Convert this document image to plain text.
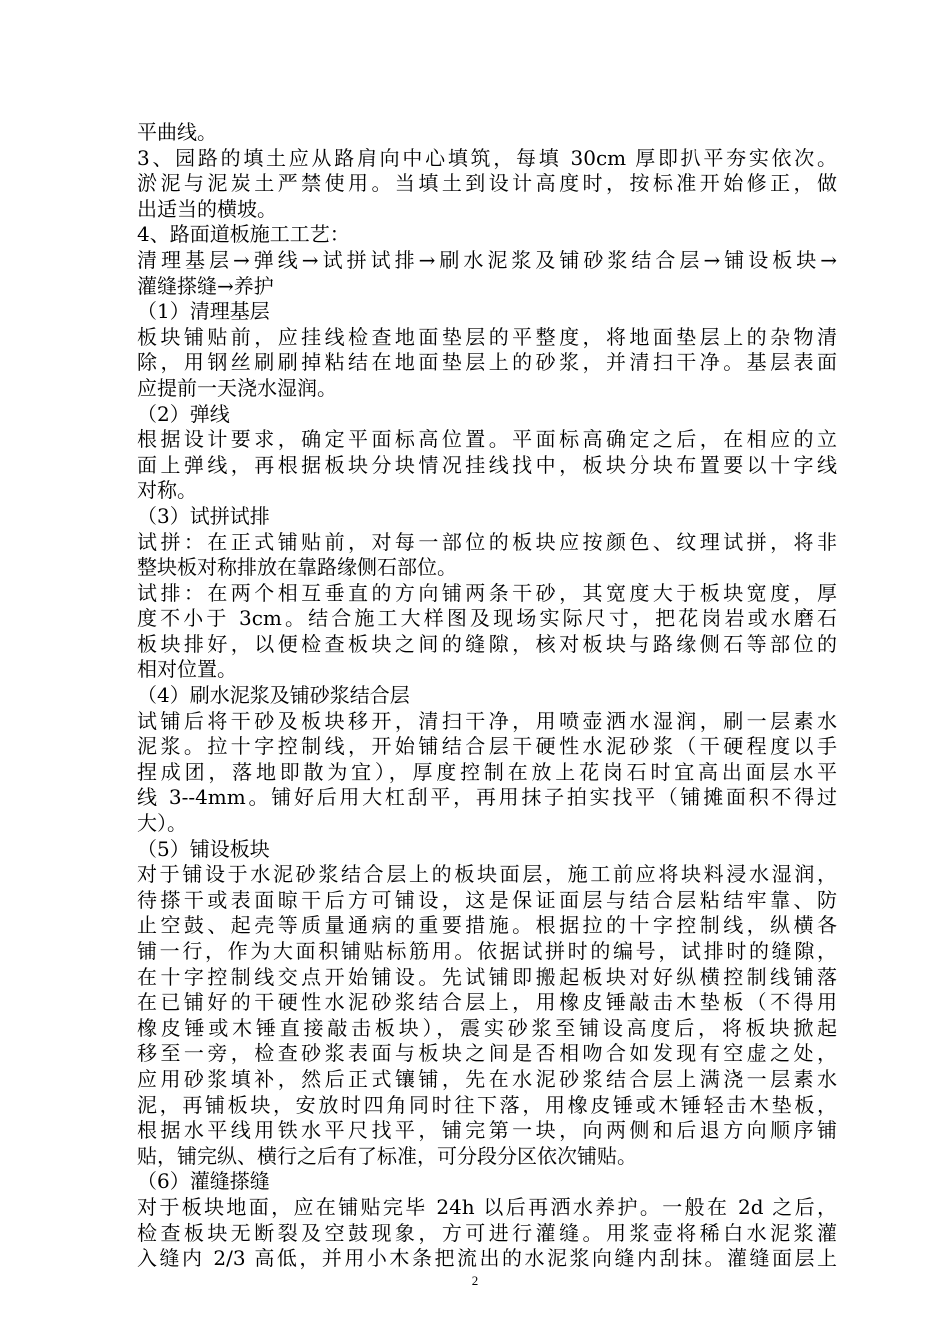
平曲线。
3、园路的填土应从路肩向中心填筑，每填 30cm 厚即扒平夯实依次。
淤泥与泥炭土严禁使用。当填土到设计高度时，按标准开始修正，做
出适当的横坡。
4、路面道板施工工艺：
清理基层→弹线→试拼试排→刷水泥浆及铺砂浆结合层→铺设板块→
灌缝搽缝→养护
（1）清理基层
板块铺贴前，应挂线检查地面垫层的平整度，将地面垫层上的杂物清
除，用钢丝刷刷掉粘结在地面垫层上的砂浆，并清扫干净。基层表面
应提前一天浇水湿润。
（2）弹线
根据设计要求，确定平面标高位置。平面标高确定之后，在相应的立
面上弹线，再根据板块分块情况挂线找中，板块分块布置要以十字线
对称。
（3）试拼试排
试拼：在正式铺贴前，对每一部位的板块应按颜色、纹理试拼，将非
整块板对称排放在靠路缘侧石部位。
试排：在两个相互垂直的方向铺两条干砂，其宽度大于板块宽度，厚
度不小于 3cm。结合施工大样图及现场实际尺寸，把花岗岩或水磨石
板块排好，以便检查板块之间的缝隙，核对板块与路缘侧石等部位的
相对位置。
（4）刷水泥浆及铺砂浆结合层
试铺后将干砂及板块移开，清扫干净，用喷壶洒水湿润，刷一层素水
泥浆。拉十字控制线，开始铺结合层干硬性水泥砂浆（干硬程度以手
捏成团，落地即散为宜），厚度控制在放上花岗石时宜高出面层水平
线 3--4mm。铺好后用大杠刮平，再用抹子拍实找平（铺摊面积不得过
大）。
（5）铺设板块
对于铺设于水泥砂浆结合层上的板块面层，施工前应将块料浸水湿润，
待搽干或表面晾干后方可铺设，这是保证面层与结合层粘结牢靠、防
止空鼓、起壳等质量通病的重要措施。根据拉的十字控制线，纵横各
铺一行，作为大面积铺贴标筋用。依据试拼时的编号，试排时的缝隙，
在十字控制线交点开始铺设。先试铺即搬起板块对好纵横控制线铺落
在已铺好的干硬性水泥砂浆结合层上，用橡皮锤敲击木垫板（不得用
橡皮锤或木锤直接敲击板块），震实砂浆至铺设高度后，将板块掀起
移至一旁，检查砂浆表面与板块之间是否相吻合如发现有空虚之处，
应用砂浆填补，然后正式镶铺，先在水泥砂浆结合层上满浇一层素水
泥，再铺板块，安放时四角同时往下落，用橡皮锤或木锤轻击木垫板，
根据水平线用铁水平尺找平，铺完第一块，向两侧和后退方向顺序铺
贴，铺完纵、横行之后有了标准，可分段分区依次铺贴。
（6）灌缝搽缝
对于板块地面，应在铺贴完毕 24h 以后再洒水养护。一般在 2d 之后，
检查板块无断裂及空鼓现象，方可进行灌缝。用浆壶将稀白水泥浆灌
入缝内 2/3 高低，并用小木条把流出的水泥浆向缝内刮抹。灌缝面层上
2
